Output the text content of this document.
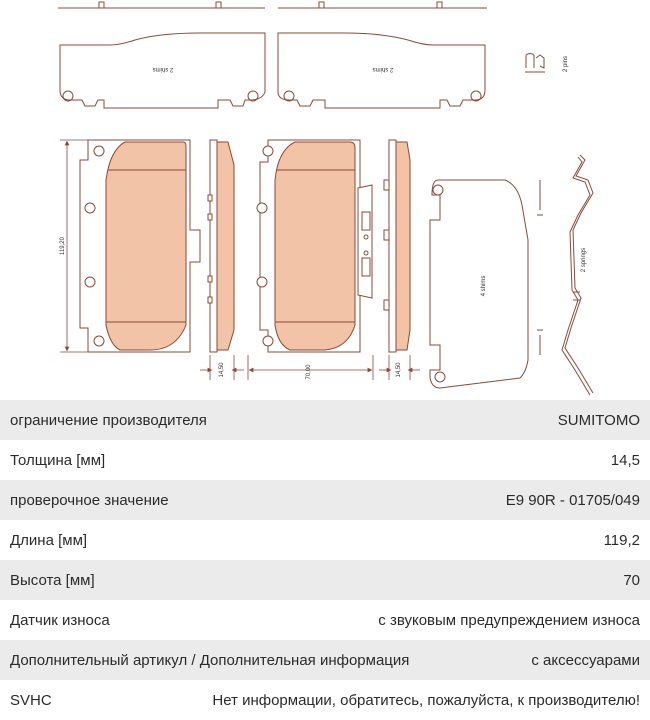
2 shims	2 shims	2 pins
119,20
14,50	70,00	14,50
4 shims
2 springs
ограничение производителя	SUMITOMO
Толщина [мм]	14,5
проверочное значение	E9 90R - 01705/049
Длина [мм]	119,2
Высота [мм]	70
Датчик износа	с звуковым предупреждением износа
Дополнительный артикул / Дополнительная информация	с аксессуарами
SVHC	Нет информации, обратитесь, пожалуйста, к производителю!
